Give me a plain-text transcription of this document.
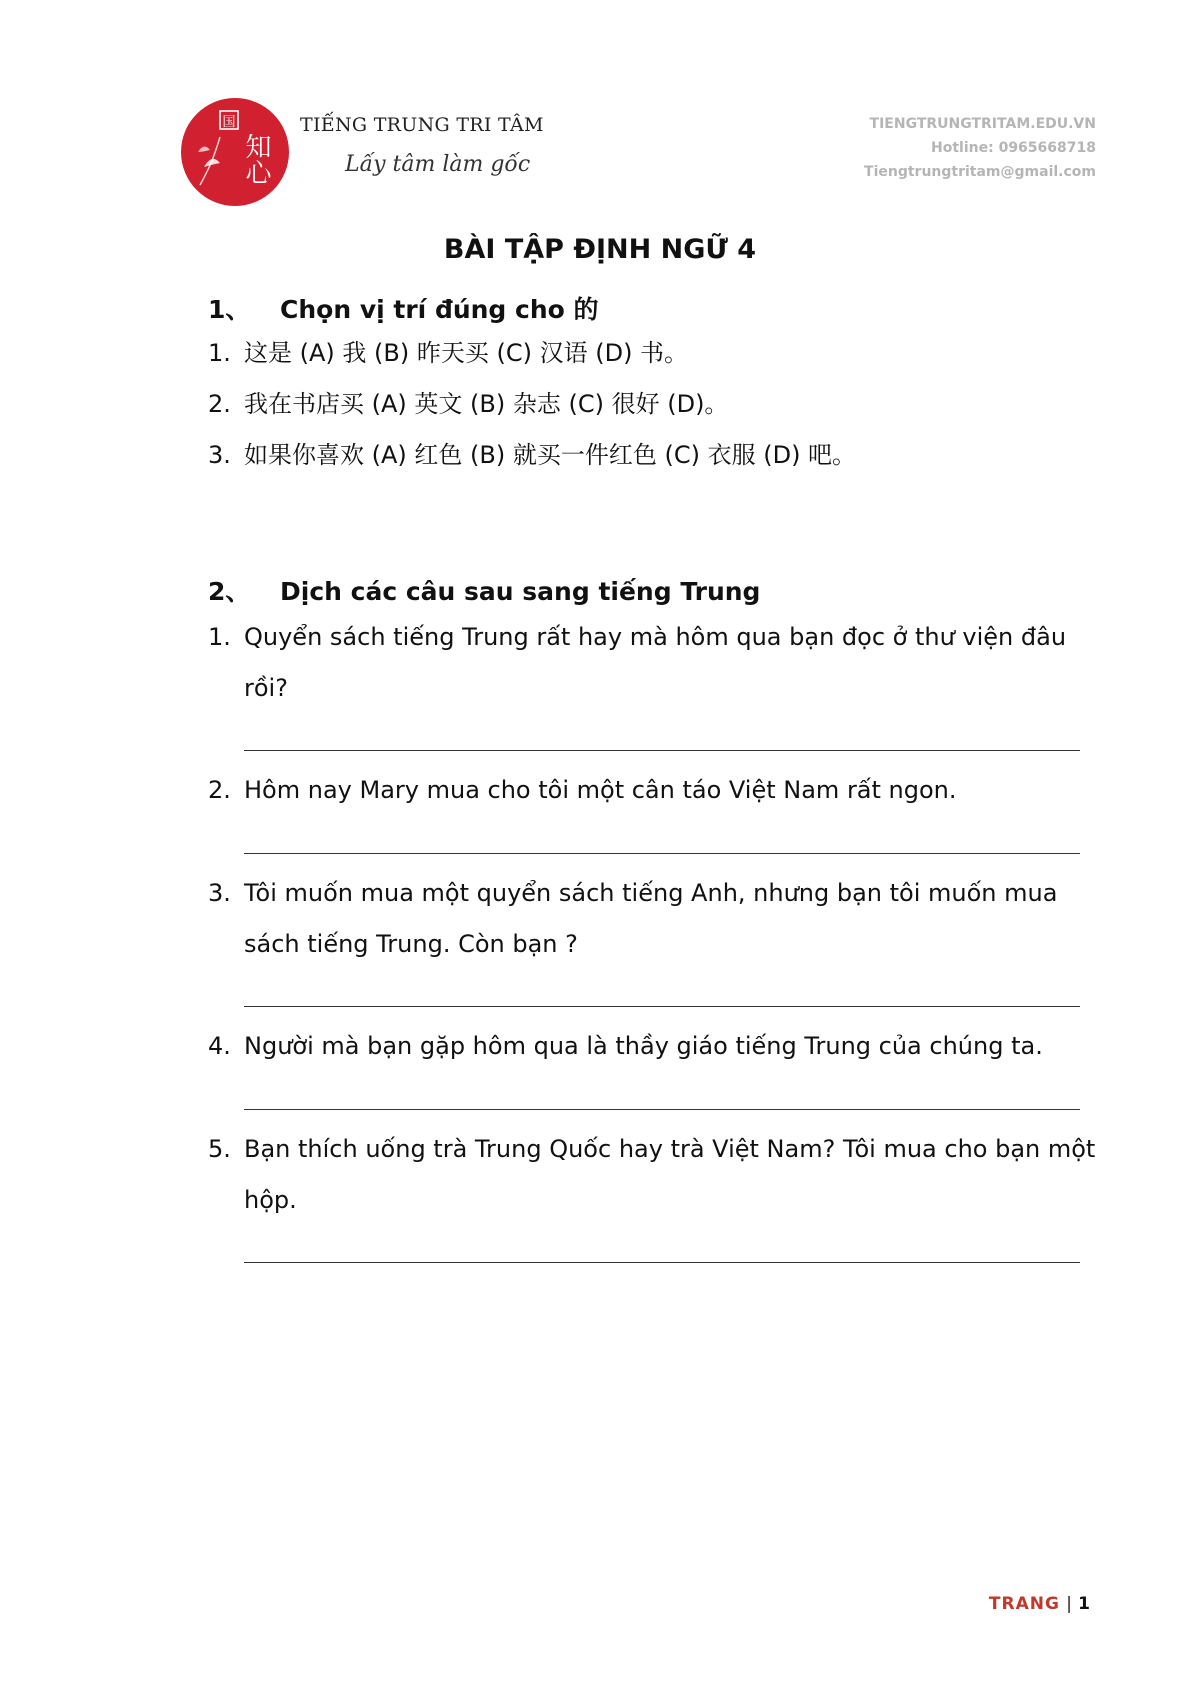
国
知心
TIẾNG TRUNG TRI TÂM
Lấy tâm làm gốc
TIENGTRUNGTRITAM.EDU.VN
Hotline: 0965668718
Tiengtrungtritam@gmail.com
BÀI TẬP ĐỊNH NGỮ 4
1、 Chọn vị trí đúng cho 的
1. 这是 (A) 我 (B) 昨天买 (C) 汉语 (D) 书。
2. 我在书店买 (A) 英文 (B) 杂志 (C) 很好 (D)。
3. 如果你喜欢 (A) 红色 (B) 就买一件红色 (C) 衣服 (D) 吧。
2、 Dịch các câu sau sang tiếng Trung
1. Quyển sách tiếng Trung rất hay mà hôm qua bạn đọc ở thư viện đâu rồi?
2. Hôm nay Mary mua cho tôi một cân táo Việt Nam rất ngon.
3. Tôi muốn mua một quyển sách tiếng Anh, nhưng bạn tôi muốn mua sách tiếng Trung. Còn bạn ?
4. Người mà bạn gặp hôm qua là thầy giáo tiếng Trung của chúng ta.
5. Bạn thích uống trà Trung Quốc hay trà Việt Nam? Tôi mua cho bạn một hộp.
TRANG | 1
